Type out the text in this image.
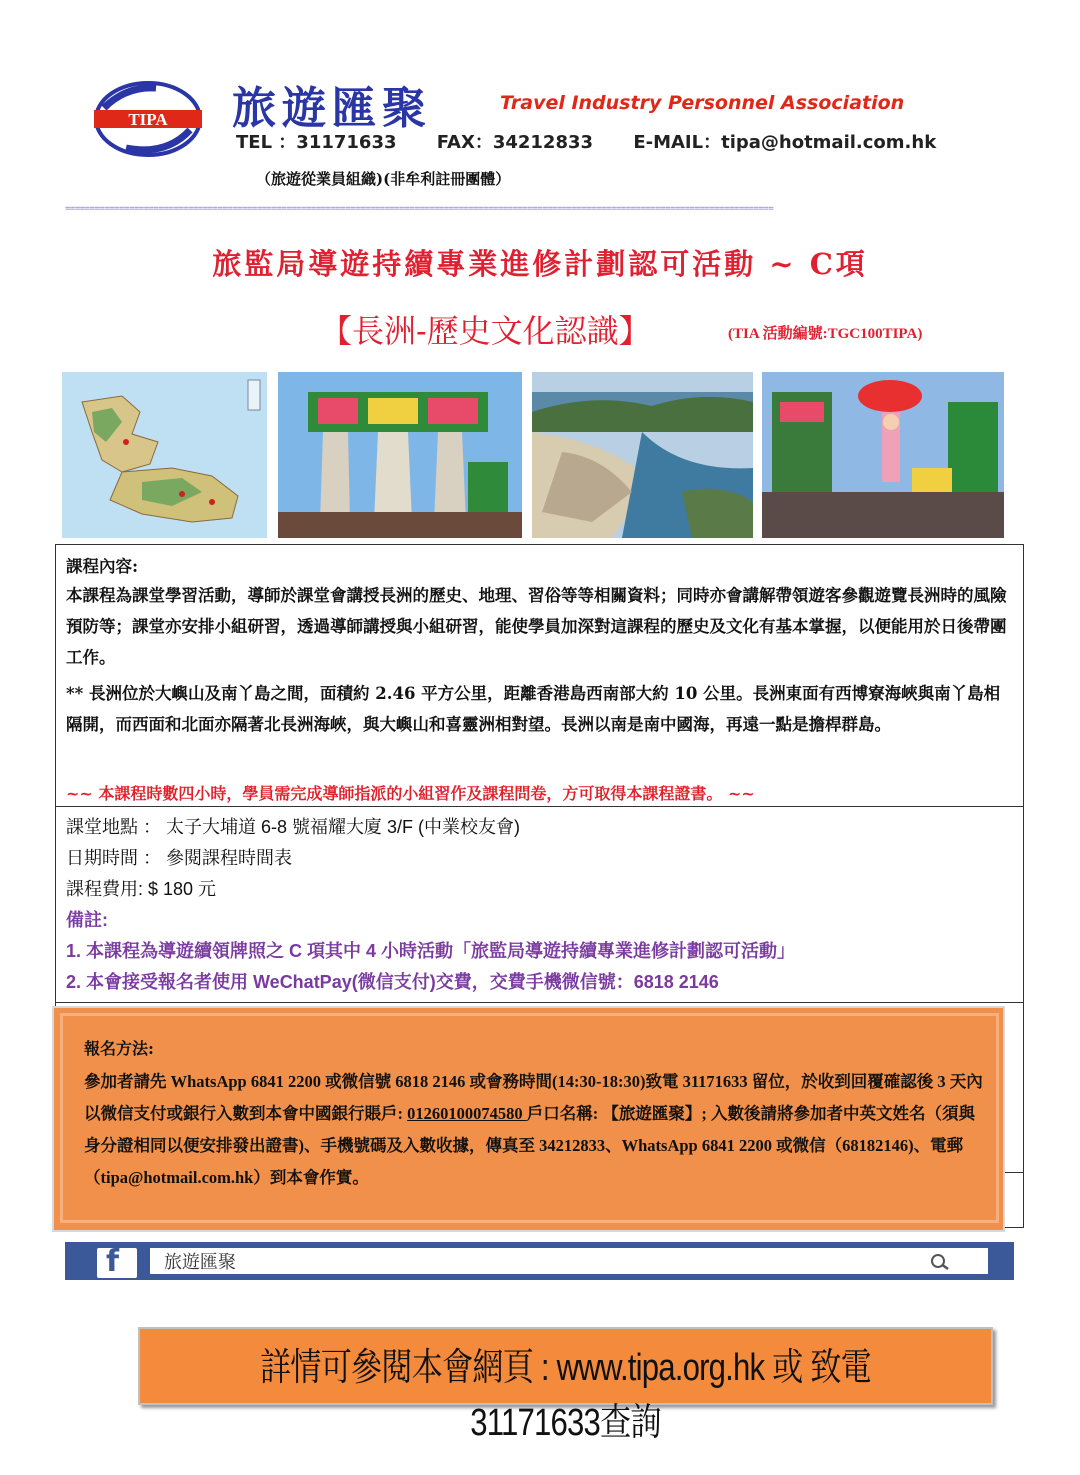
TIPA 旅遊匯聚	Travel Industry Personnel Association
TEL ：31171633 FAX：34212833 E-MAIL：tipa@hotmail.com.hk
（旅遊從業員組織)(非牟利註冊團體）
================================================================================================================================================
旅監局導遊持續專業進修計劃認可活動 ~ C項
【長洲-歷史文化認識】	(TIA 活動編號:TGC100TIPA)
課程內容:
本課程為課堂學習活動，導師於課堂會講授長洲的歷史、地理、習俗等等相關資料；同時亦會講解帶領遊客參觀遊覽長洲時的風險預防等；課堂亦安排小組研習，透過導師講授與小組研習，能使學員加深對這課程的歷史及文化有基本掌握，以便能用於日後帶團工作。
** 長洲位於大嶼山及南丫島之間，面積約 2.46 平方公里，距離香港島西南部大約 10 公里。長洲東面有西博寮海峽與南丫島相隔開，而西面和北面亦隔著北長洲海峽，與大嶼山和喜靈洲相對望。長洲以南是南中國海，再遠一點是擔桿群島。
~~ 本課程時數四小時，學員需完成導師指派的小組習作及課程問卷，方可取得本課程證書。 ~~
課堂地點 ： 太子大埔道 6-8 號福耀大廈 3/F (中業校友會)
日期時間 ： 參閱課程時間表
課程費用: $ 180 元
備註:
1. 本課程為導遊續領牌照之 C 項其中 4 小時活動「旅監局導遊持續專業進修計劃認可活動」
2. 本會接受報名者使用 WeChatPay(微信支付)交費，交費手機微信號：6818 2146
報名方法:
參加者請先 WhatsApp 6841 2200 或微信號 6818 2146 或會務時間(14:30-18:30)致電 31171633 留位，於收到回覆確認後 3 天內以微信支付或銀行入數到本會中國銀行賬戶: 01260100074580 戶口名稱: 【旅遊匯聚】; 入數後請將參加者中英文姓名（須與身分證相同以便安排發出證書)、手機號碼及入數收據，傳真至 34212833、WhatsApp 6841 2200 或微信（68182146)、電郵（tipa@hotmail.com.hk）到本會作實。
f 旅遊匯聚
詳情可參閱本會網頁 : www.tipa.org.hk 或 致電31171633查詢
